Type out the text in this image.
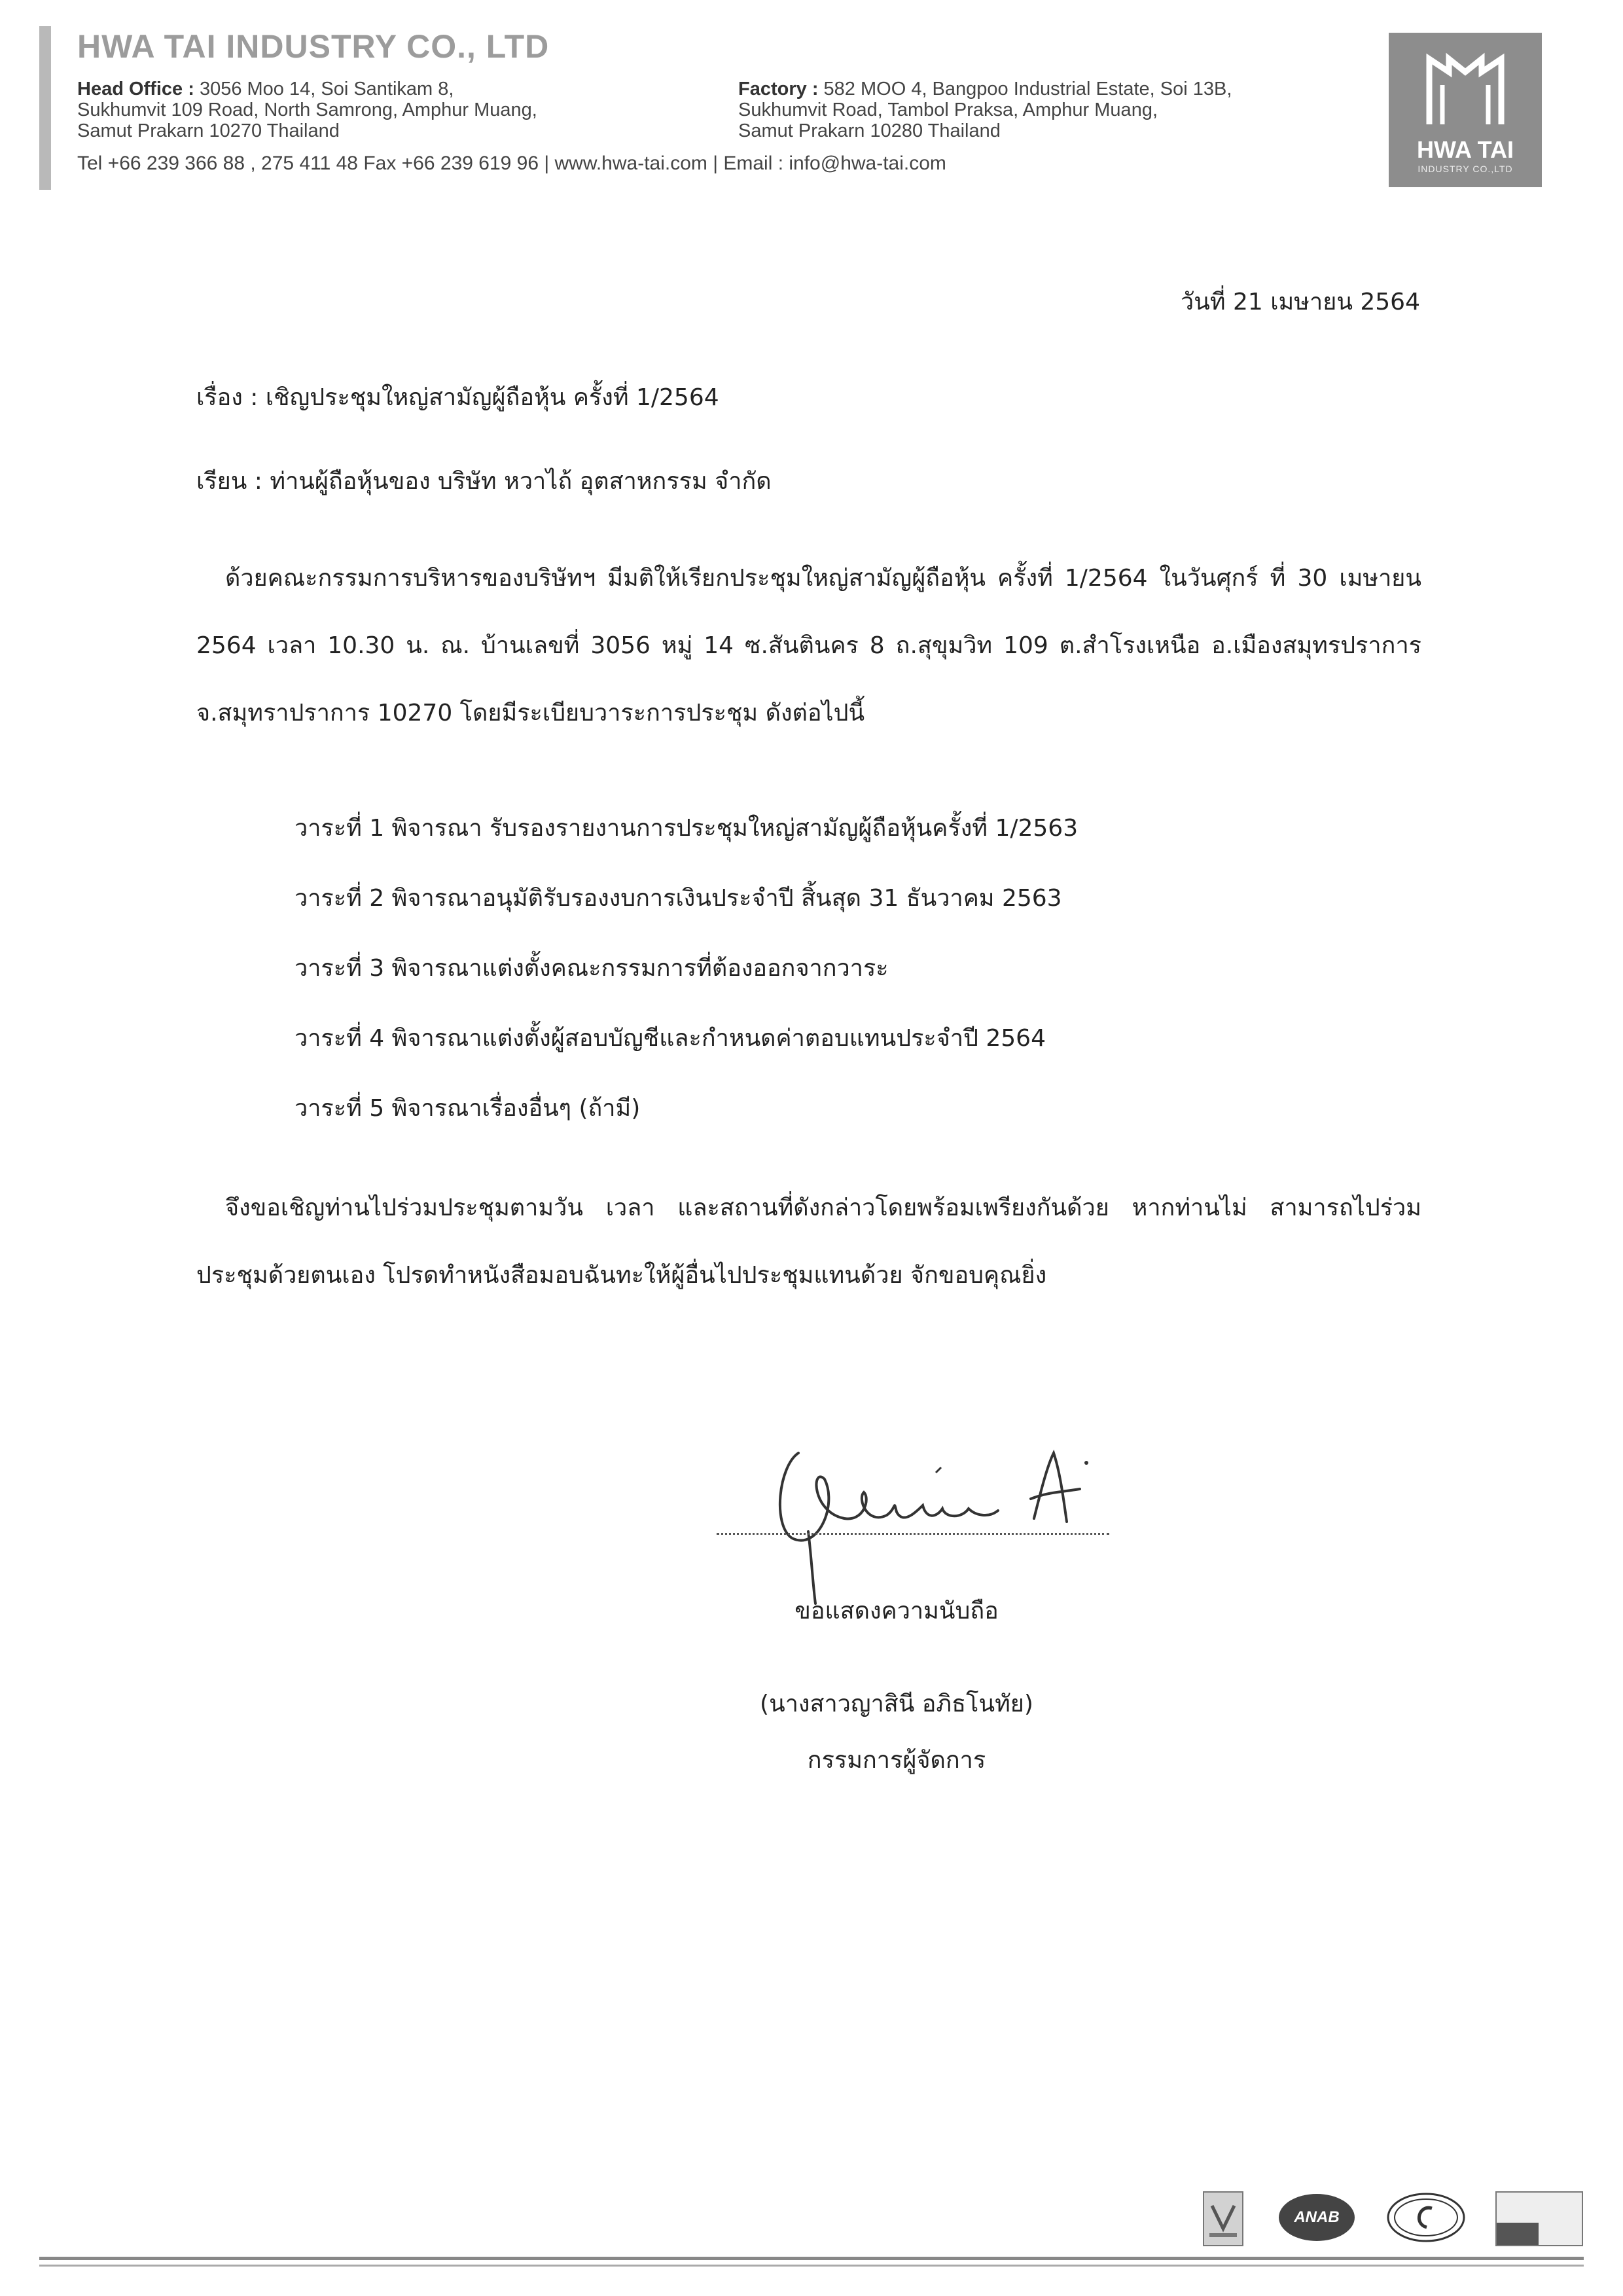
HWA TAI INDUSTRY CO., LTD
Head Office : 3056 Moo 14, Soi Santikam 8,
Sukhumvit 109 Road, North Samrong, Amphur Muang,
Samut Prakarn 10270 Thailand
Factory : 582 MOO 4, Bangpoo Industrial Estate, Soi 13B,
Sukhumvit Road, Tambol Praksa, Amphur Muang,
Samut Prakarn 10280 Thailand
Tel +66 239 366 88 , 275 411 48 Fax +66 239 619 96 | www.hwa-tai.com | Email : info@hwa-tai.com
HWA TAI
INDUSTRY CO.,LTD
วันที่ 21 เมษายน 2564
เรื่อง : เชิญประชุมใหญ่สามัญผู้ถือหุ้น ครั้งที่ 1/2564
เรียน : ท่านผู้ถือหุ้นของ บริษัท หวาไถ้ อุตสาหกรรม จำกัด
ด้วยคณะกรรมการบริหารของบริษัทฯ มีมติให้เรียกประชุมใหญ่สามัญผู้ถือหุ้น ครั้งที่ 1/2564 ในวันศุกร์ ที่ 30 เมษายน 2564 เวลา 10.30 น. ณ. บ้านเลขที่ 3056 หมู่ 14 ซ.สันตินคร 8 ถ.สุขุมวิท 109 ต.สำโรงเหนือ อ.เมืองสมุทรปราการ จ.สมุทราปราการ 10270 โดยมีระเบียบวาระการประชุม ดังต่อไปนี้
วาระที่ 1 พิจารณา รับรองรายงานการประชุมใหญ่สามัญผู้ถือหุ้นครั้งที่ 1/2563
วาระที่ 2 พิจารณาอนุมัติรับรองงบการเงินประจำปี สิ้นสุด 31 ธันวาคม 2563
วาระที่ 3 พิจารณาแต่งตั้งคณะกรรมการที่ต้องออกจากวาระ
วาระที่ 4 พิจารณาแต่งตั้งผู้สอบบัญชีและกำหนดค่าตอบแทนประจำปี 2564
วาระที่ 5 พิจารณาเรื่องอื่นๆ (ถ้ามี)
จึงขอเชิญท่านไปร่วมประชุมตามวัน เวลา และสถานที่ดังกล่าวโดยพร้อมเพรียงกันด้วย หากท่านไม่ สามารถไปร่วมประชุมด้วยตนเอง โปรดทำหนังสือมอบฉันทะให้ผู้อื่นไปประชุมแทนด้วย จักขอบคุณยิ่ง
ขอแสดงความนับถือ
(นางสาวญาสินี อภิธโนทัย)
กรรมการผู้จัดการ
ANAB
